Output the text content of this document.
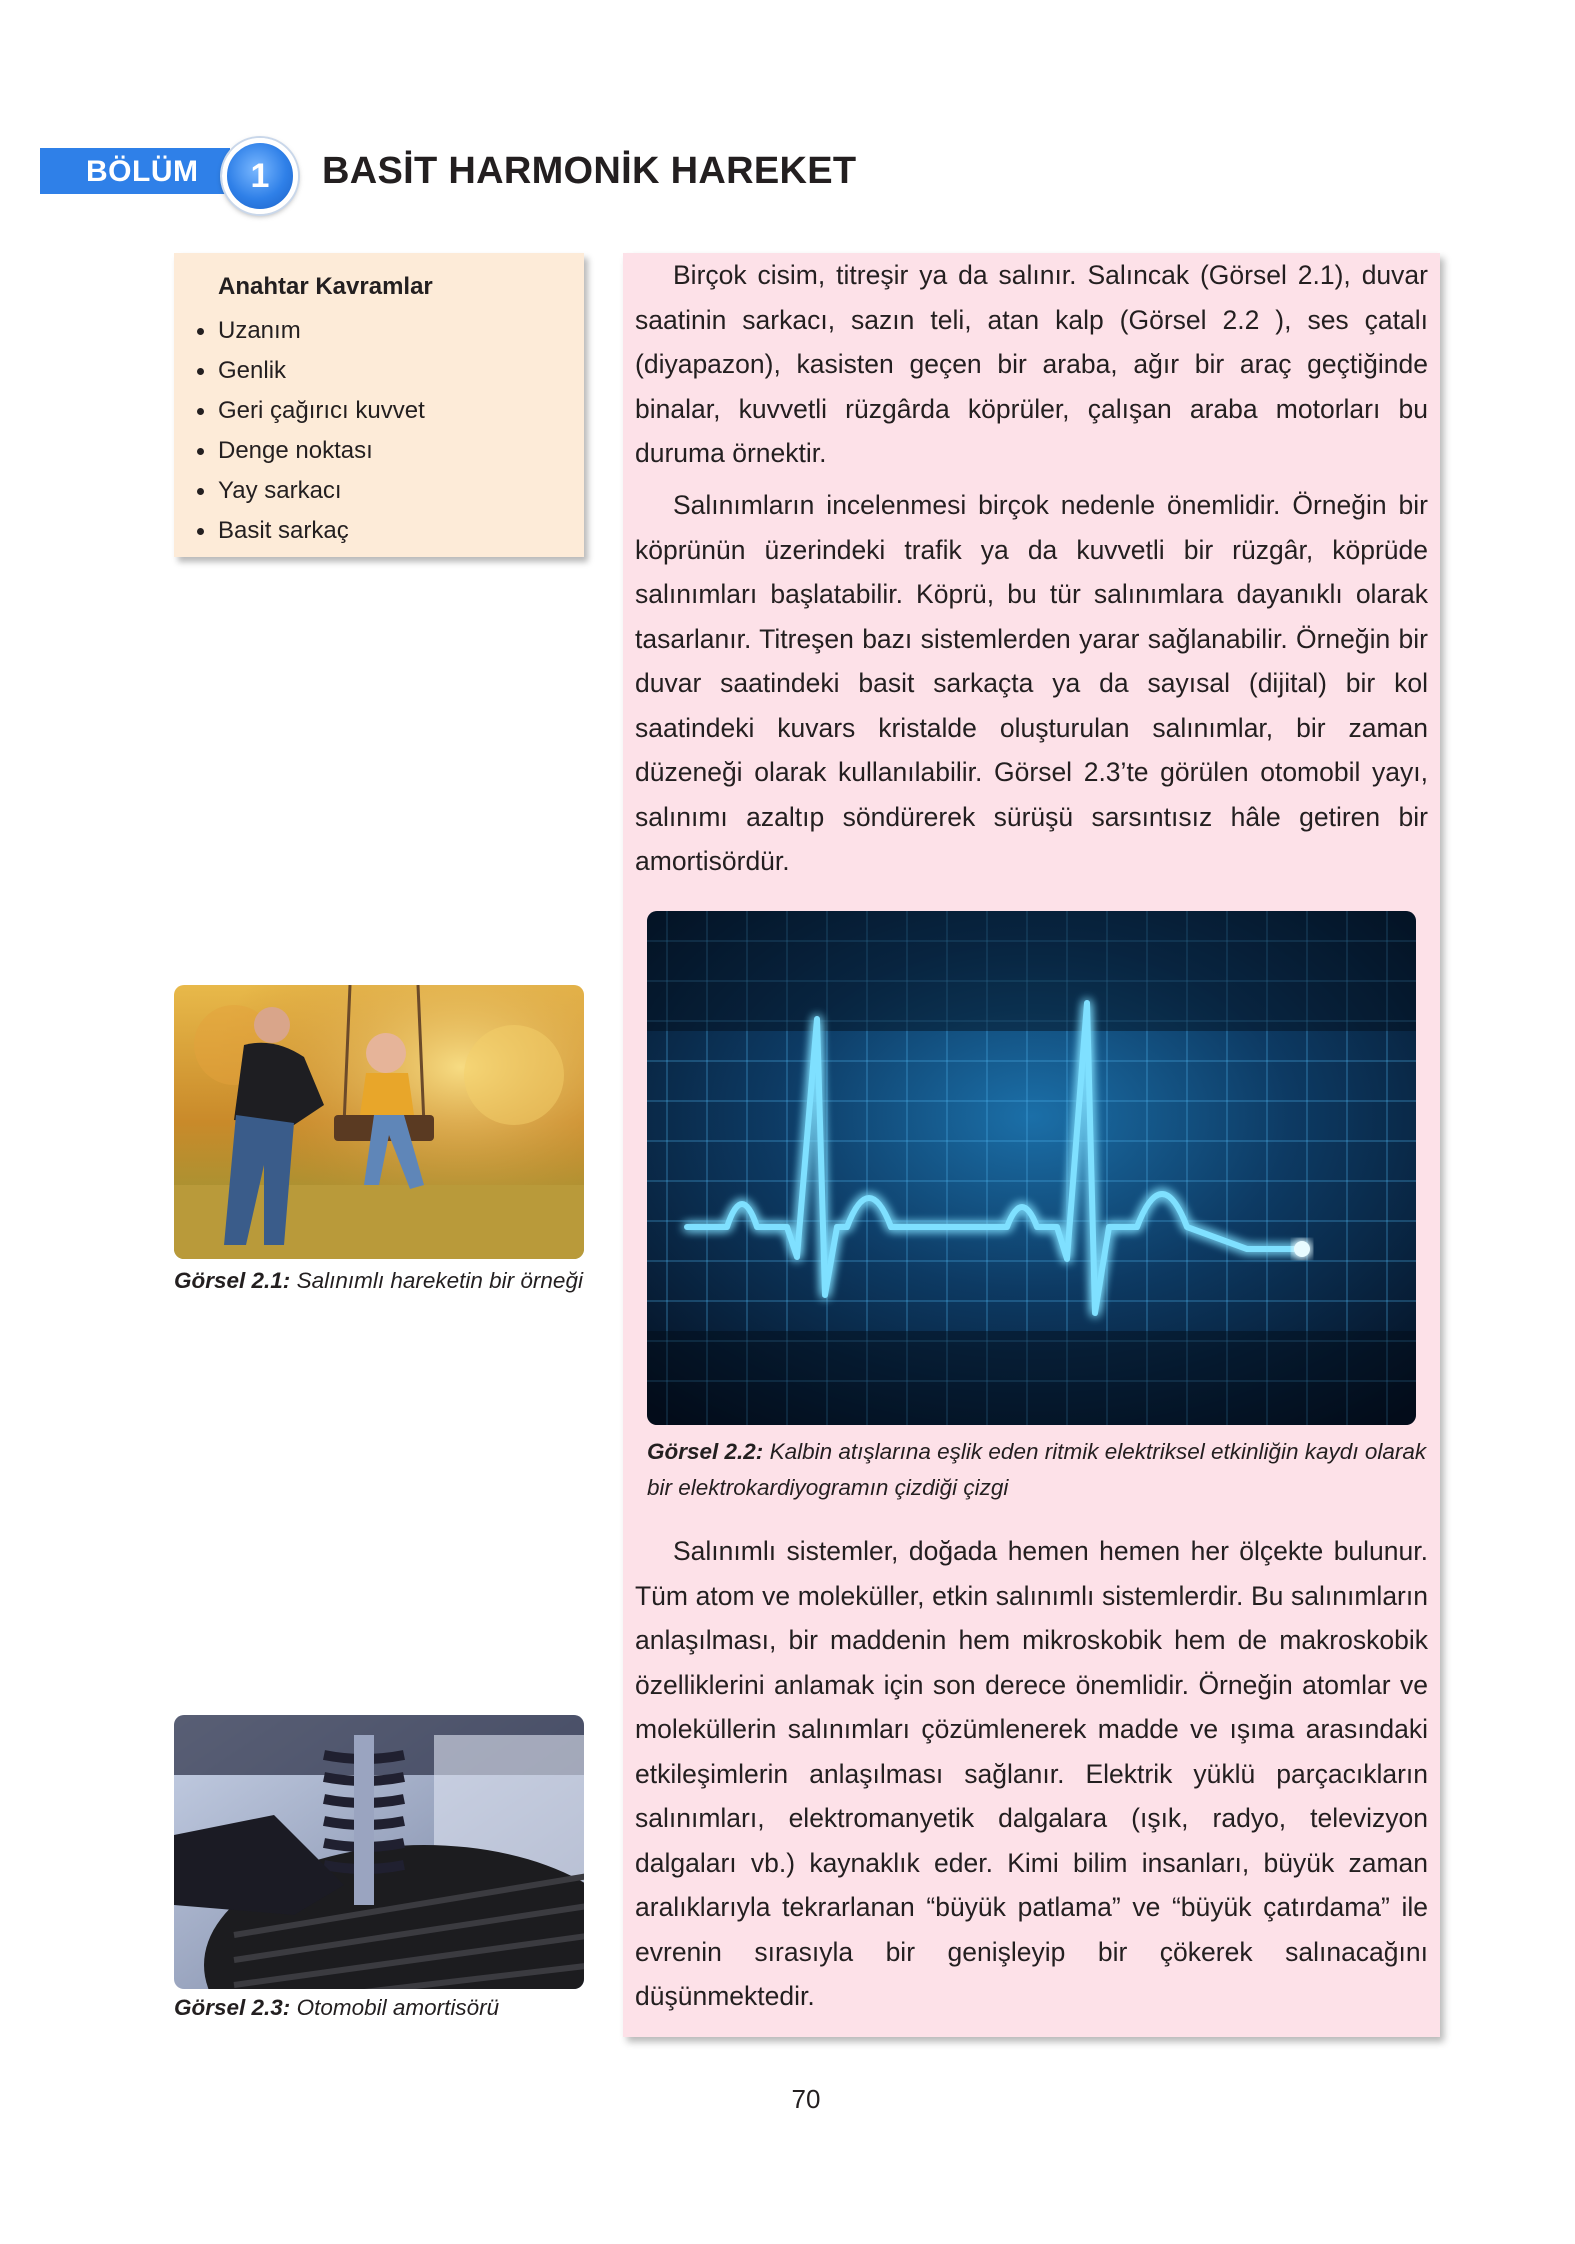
BÖLÜM	1	BASİT HARMONİK HAREKET
Anahtar Kavramlar
Uzanım
Genlik
Geri çağırıcı kuvvet
Denge noktası
Yay sarkacı
Basit sarkaç

Birçok cisim, titreşir ya da salınır. Salıncak (Görsel 2.1), duvar saatinin sarkacı, sazın teli, atan kalp (Görsel 2.2 ), ses çatalı (diyapazon), kasisten geçen bir araba, ağır bir araç geçtiğinde binalar, kuvvetli rüzgârda köprüler, çalışan araba motorları bu duruma örnektir.

Salınımların incelenmesi birçok nedenle önemlidir. Örneğin bir köprünün üzerindeki trafik ya da kuvvetli bir rüzgâr, köprüde salınımları başlatabilir. Köprü, bu tür salınımlara dayanıklı olarak tasarlanır. Titreşen bazı sistemlerden yarar sağlanabilir. Örneğin bir duvar saatindeki basit sarkaçta ya da sayısal (dijital) bir kol saatindeki kuvars kristalde oluşturulan salınımlar, bir zaman düzeneği olarak kullanılabilir. Görsel 2.3’te görülen otomobil yayı, salınımı azaltıp söndürerek sürüşü sarsıntısız hâle getiren bir amortisördür.

Görsel 2.2: Kalbin atışlarına eşlik eden ritmik elektriksel etkinliğin kaydı olarak bir elektrokardiyogramın çizdiği çizgi

Salınımlı sistemler, doğada hemen hemen her ölçekte bulunur. Tüm atom ve moleküller, etkin salınımlı sistemlerdir. Bu salınımların anlaşılması, bir maddenin hem mikroskobik hem de makroskobik özelliklerini anlamak için son derece önemlidir. Örneğin atomlar ve moleküllerin salınımları çözümlenerek madde ve ışıma arasındaki etkileşimlerin anlaşılması sağlanır. Elektrik yüklü parçacıkların salınımları, elektromanyetik dalgalara (ışık, radyo, televizyon dalgaları vb.) kaynaklık eder. Kimi bilim insanları, büyük zaman aralıklarıyla tekrarlanan “büyük patlama” ve “büyük çatırdama” ile evrenin sırasıyla bir genişleyip bir çökerek salınacağını düşünmektedir.

Görsel 2.1: Salınımlı hareketin bir örneği

Görsel 2.3: Otomobil amortisörü

70
